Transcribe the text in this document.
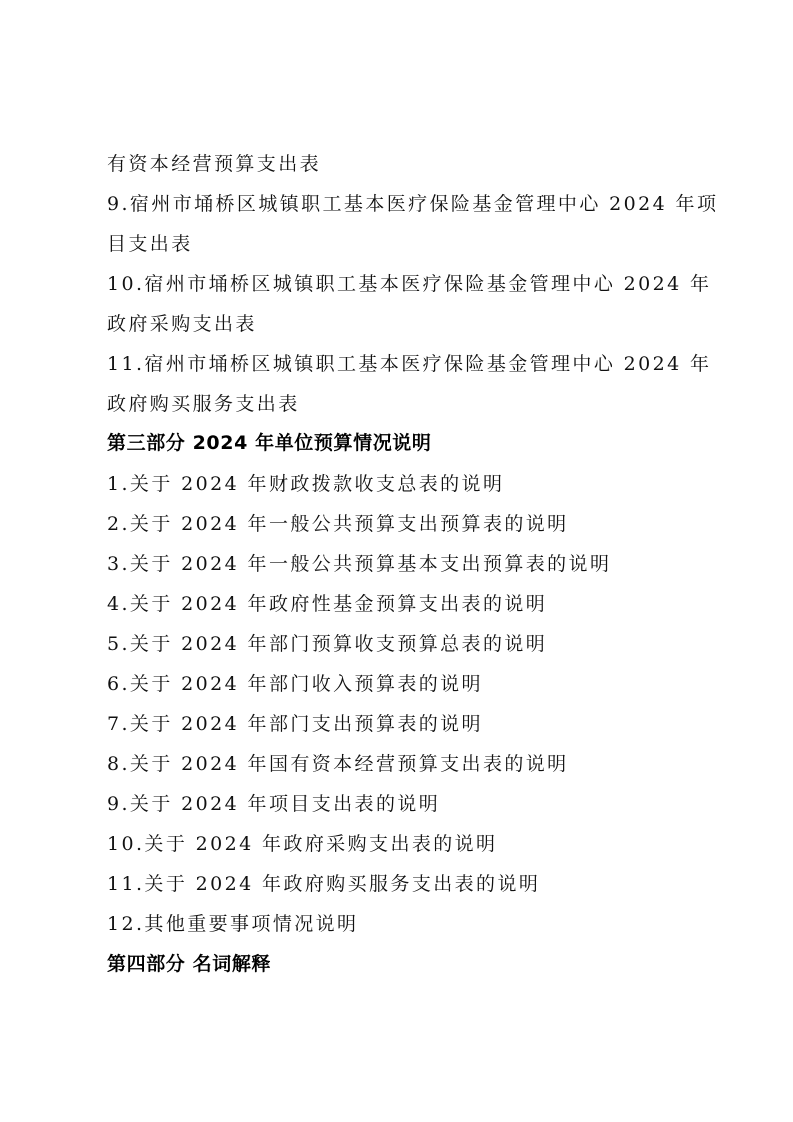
有资本经营预算支出表
9.宿州市埇桥区城镇职工基本医疗保险基金管理中心 2024 年项
目支出表
10.宿州市埇桥区城镇职工基本医疗保险基金管理中心 2024 年
政府采购支出表
11.宿州市埇桥区城镇职工基本医疗保险基金管理中心 2024 年
政府购买服务支出表
第三部分 2024 年单位预算情况说明
1.关于 2024 年财政拨款收支总表的说明
2.关于 2024 年一般公共预算支出预算表的说明
3.关于 2024 年一般公共预算基本支出预算表的说明
4.关于 2024 年政府性基金预算支出表的说明
5.关于 2024 年部门预算收支预算总表的说明
6.关于 2024 年部门收入预算表的说明
7.关于 2024 年部门支出预算表的说明
8.关于 2024 年国有资本经营预算支出表的说明
9.关于 2024 年项目支出表的说明
10.关于 2024 年政府采购支出表的说明
11.关于 2024 年政府购买服务支出表的说明
12.其他重要事项情况说明
第四部分 名词解释
